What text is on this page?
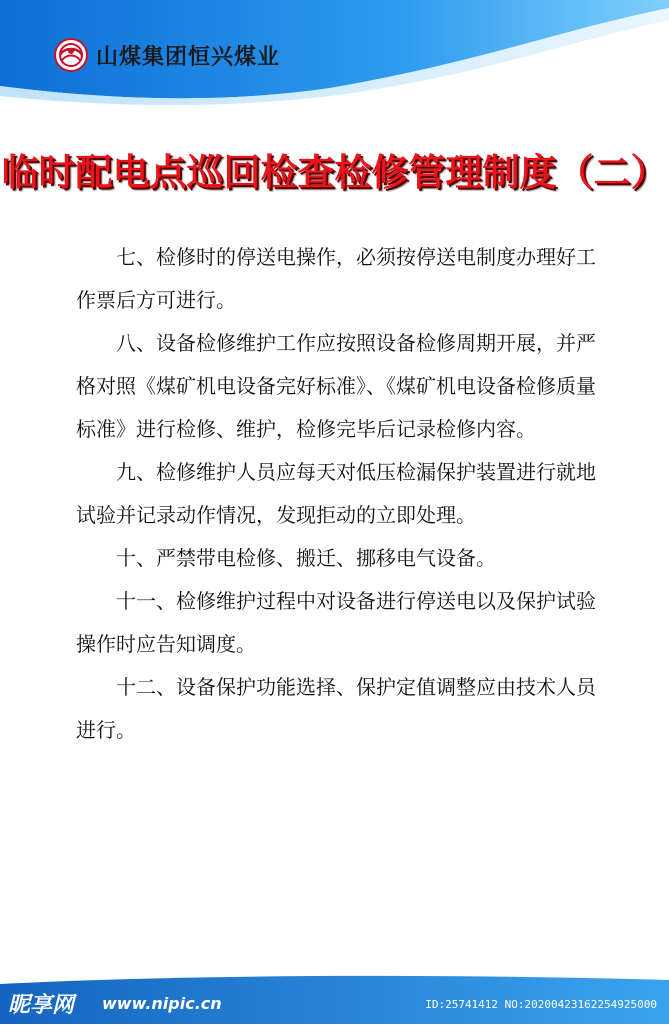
山煤集团恒兴煤业
临时配电点巡回检查检修管理制度（二）

七、检修时的停送电操作，必须按停送电制度办理好工作票后方可进行。

八、设备检修维护工作应按照设备检修周期开展，并严格对照《煤矿机电设备完好标准》、《煤矿机电设备检修质量标准》进行检修、维护，检修完毕后记录检修内容。

九、检修维护人员应每天对低压检漏保护装置进行就地试验并记录动作情况，发现拒动的立即处理。

十、严禁带电检修、搬迁、挪移电气设备。

十一、检修维护过程中对设备进行停送电以及保护试验操作时应告知调度。

十二、设备保护功能选择、保护定值调整应由技术人员进行。

昵享网 www.nipic.cn	ID:25741412 NO:20200423162254925000
